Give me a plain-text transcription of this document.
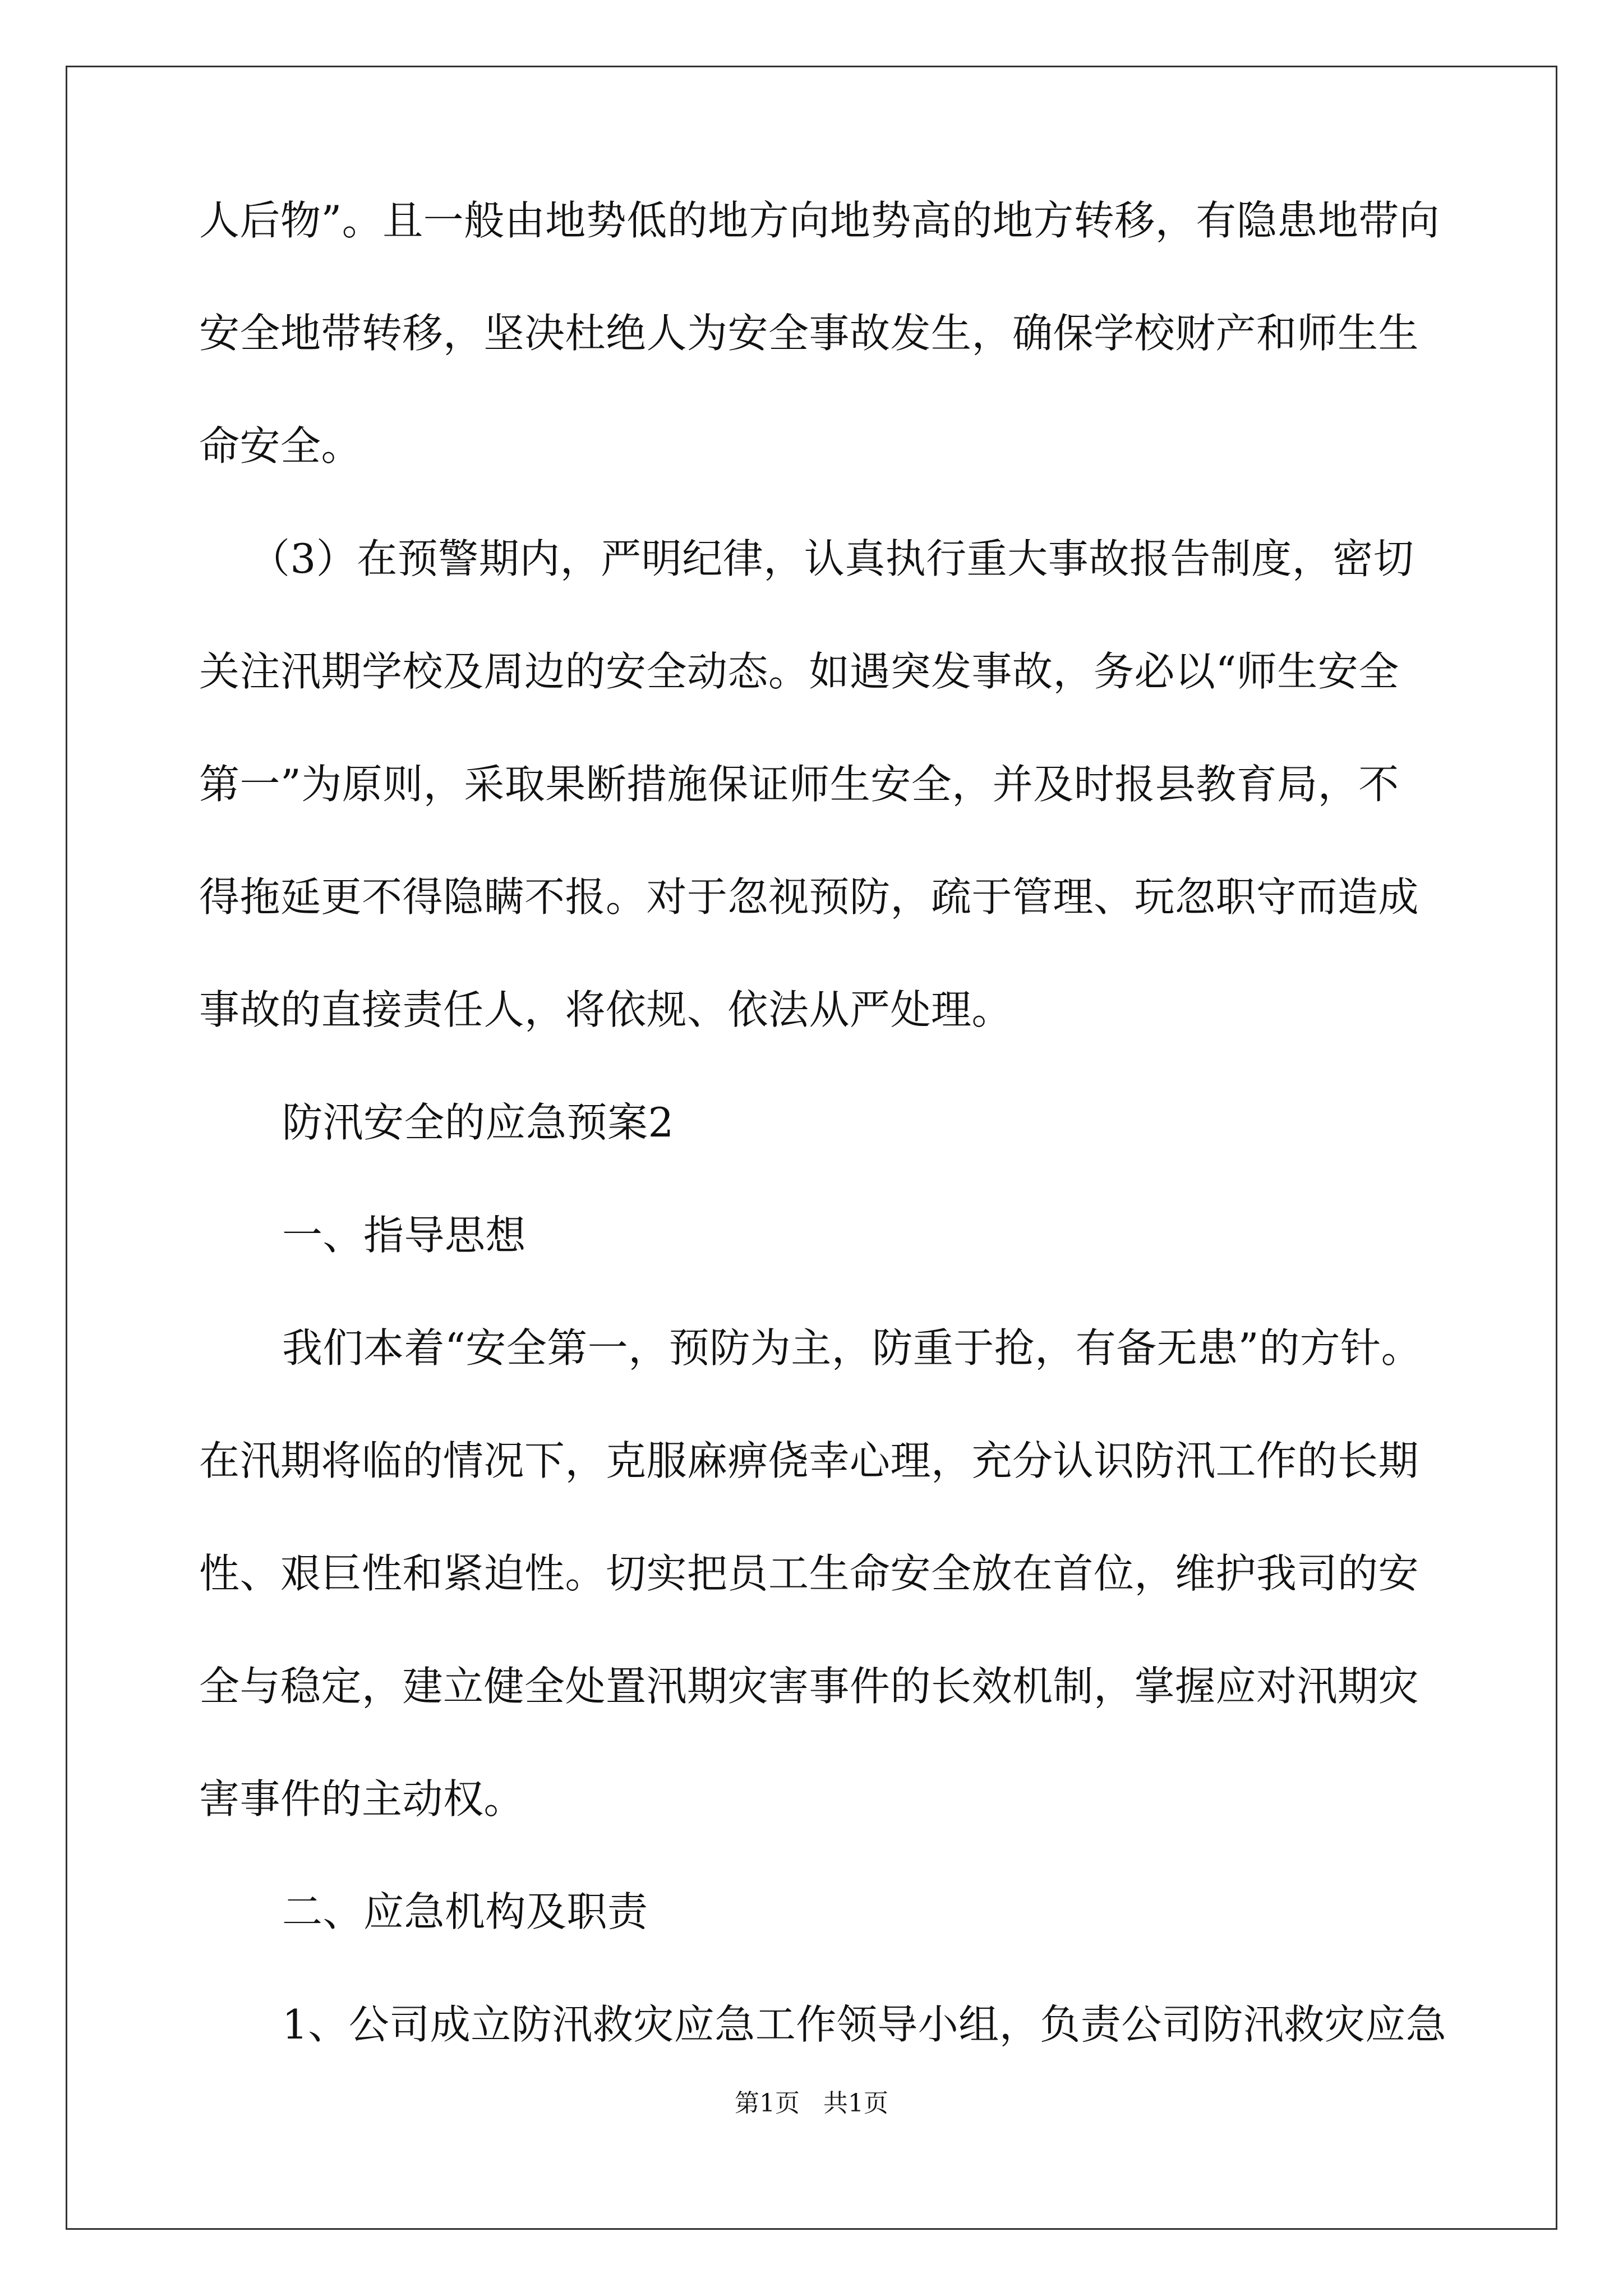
人后物”。且一般由地势低的地方向地势高的地方转移，有隐患地带向
安全地带转移，坚决杜绝人为安全事故发生，确保学校财产和师生生
命安全。
（3）在预警期内，严明纪律，认真执行重大事故报告制度，密切
关注汛期学校及周边的安全动态。如遇突发事故，务必以“师生安全
第一”为原则，采取果断措施保证师生安全，并及时报县教育局，不
得拖延更不得隐瞒不报。对于忽视预防，疏于管理、玩忽职守而造成
事故的直接责任人，将依规、依法从严处理。
防汛安全的应急预案2
一、指导思想
我们本着“安全第一，预防为主，防重于抢，有备无患”的方针。
在汛期将临的情况下，克服麻痹侥幸心理，充分认识防汛工作的长期
性、艰巨性和紧迫性。切实把员工生命安全放在首位，维护我司的安
全与稳定，建立健全处置汛期灾害事件的长效机制，掌握应对汛期灾
害事件的主动权。
二、应急机构及职责
1、公司成立防汛救灾应急工作领导小组，负责公司防汛救灾应急
第1页   共1页
